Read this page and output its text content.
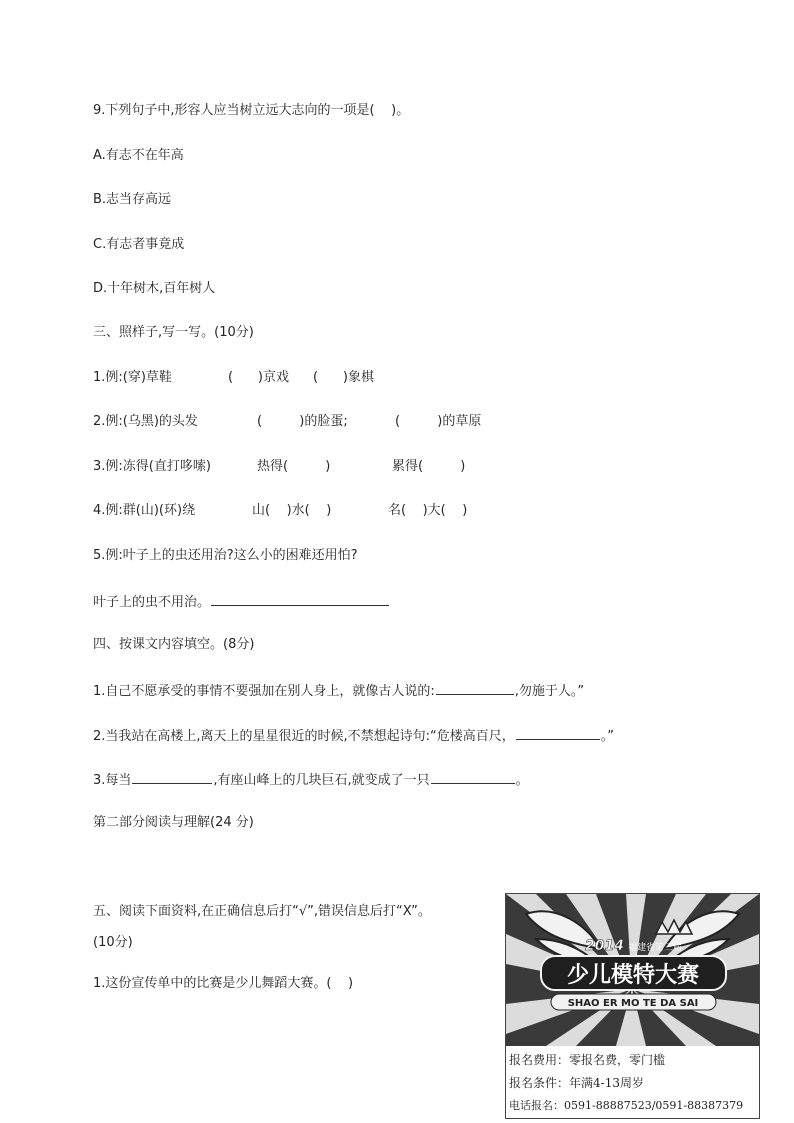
9.下列句子中,形容人应当树立远大志向的一项是(    )。
A.有志不在年高
B.志当存高远
C.有志者事竟成
D.十年树木,百年树人
三、照样子,写一写。(10分)
1.例:(穿)草鞋	(      )京戏 (      )象棋
2.例:(乌黑)的头发	(         )的脸蛋;	(         )的草原
3.例:冻得(直打哆嗦)	热得(         )	累得(         )
4.例:群(山)(环)绕	山(    )水(    )	名(    )大(    )
5.例:叶子上的虫还用治?这么小的困难还用怕?
叶子上的虫不用治。
四、按课文内容填空。(8分)
1.自己不愿承受的事情不要强加在别人身上，就像古人说的:	,勿施于人。”
2.当我站在高楼上,离天上的星星很近的时候,不禁想起诗句:“危楼高百尺，	。”
3.每当	,有座山峰上的几块巨石,就变成了一只	。
第二部分阅读与理解(24 分)
五、阅读下面资料,在正确信息后打“√”,错误信息后打“X”。
(10分)
1.这份宣传单中的比赛是少儿舞蹈大赛。(    )	少儿模特大赛
2014 福建省第三届
SHAO ER MO TE DA SAI
报名费用：零报名费，零门槛
报名条件：年满4-13周岁
电话报名：0591-88887523/0591-88387379
